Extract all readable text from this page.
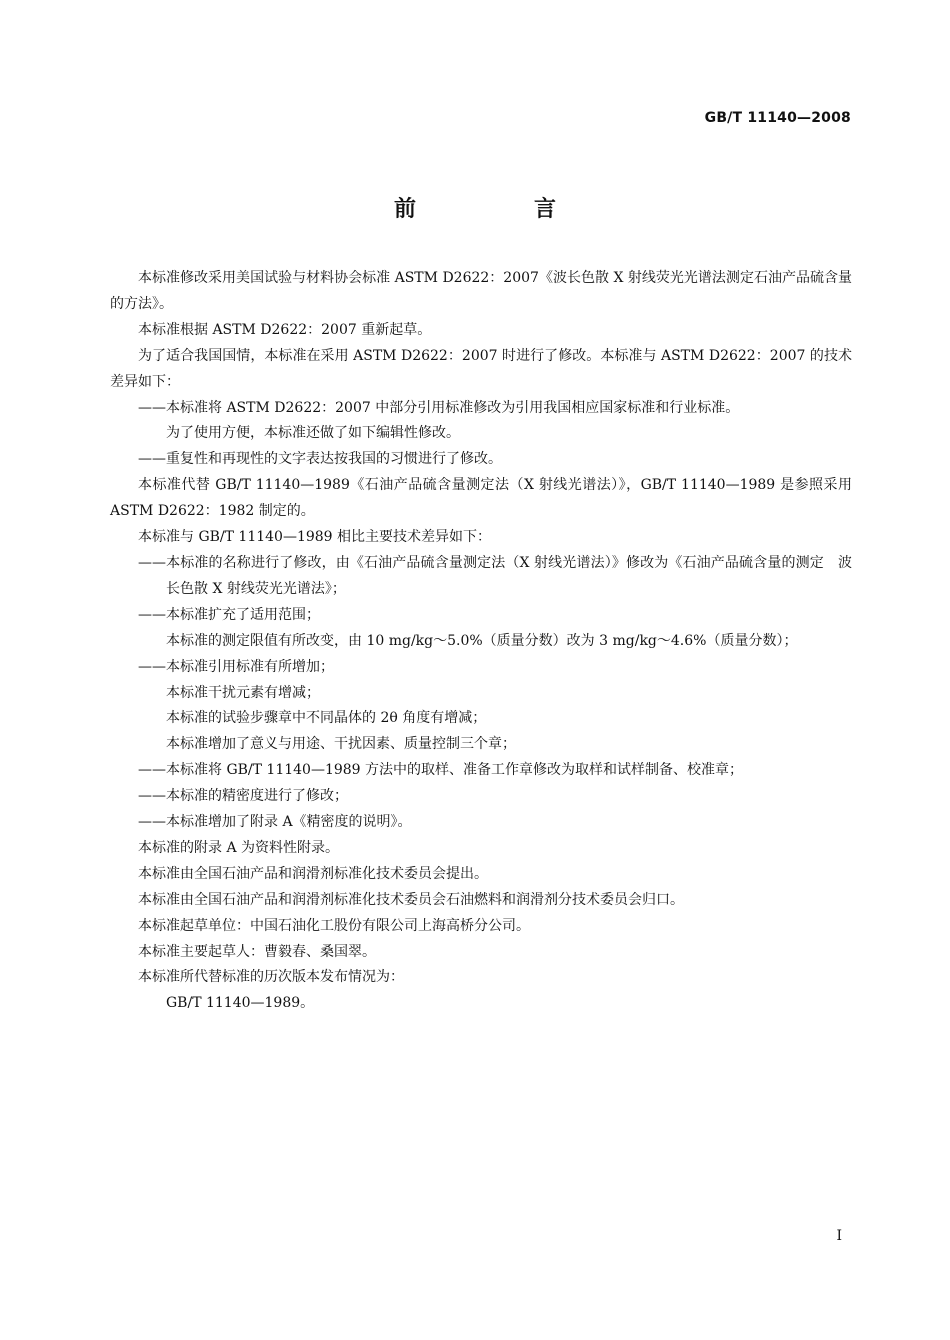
GB/T 11140—2008
前　言

本标准修改采用美国试验与材料协会标准 ASTM D2622：2007《波长色散 X 射线荧光光谱法测定石油产品硫含量的方法》。

本标准根据 ASTM D2622：2007 重新起草。

为了适合我国国情，本标准在采用 ASTM D2622：2007 时进行了修改。本标准与 ASTM D2622：2007 的技术差异如下：

——本标准将 ASTM D2622：2007 中部分引用标准修改为引用我国相应国家标准和行业标准。

为了使用方便，本标准还做了如下编辑性修改。

——重复性和再现性的文字表达按我国的习惯进行了修改。

本标准代替 GB/T 11140—1989《石油产品硫含量测定法（X 射线光谱法）》，GB/T 11140—1989 是参照采用 ASTM D2622：1982 制定的。

本标准与 GB/T 11140—1989 相比主要技术差异如下：

——本标准的名称进行了修改，由《石油产品硫含量测定法（X 射线光谱法）》修改为《石油产品硫含量的测定　波长色散 X 射线荧光光谱法》；

——本标准扩充了适用范围；

本标准的测定限值有所改变，由 10 mg/kg～5.0%（质量分数）改为 3 mg/kg～4.6%（质量分数）；

——本标准引用标准有所增加；

本标准干扰元素有增减；

本标准的试验步骤章中不同晶体的 2θ 角度有增减；

本标准增加了意义与用途、干扰因素、质量控制三个章；

——本标准将 GB/T 11140—1989 方法中的取样、准备工作章修改为取样和试样制备、校准章；

——本标准的精密度进行了修改；

——本标准增加了附录 A《精密度的说明》。

本标准的附录 A 为资料性附录。

本标准由全国石油产品和润滑剂标准化技术委员会提出。

本标准由全国石油产品和润滑剂标准化技术委员会石油燃料和润滑剂分技术委员会归口。

本标准起草单位：中国石油化工股份有限公司上海高桥分公司。

本标准主要起草人：曹毅春、桑国翠。

本标准所代替标准的历次版本发布情况为：

GB/T 11140—1989。

I
